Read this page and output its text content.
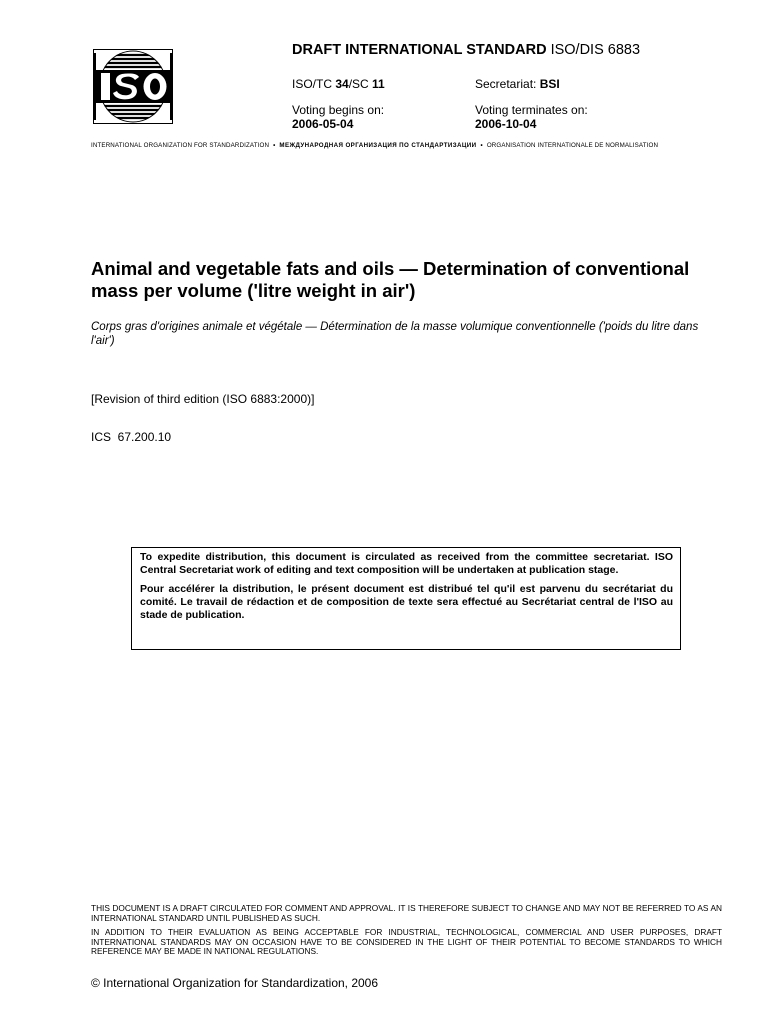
DRAFT INTERNATIONAL STANDARD ISO/DIS 6883
ISO/TC 34/SC 11	Secretariat: BSI
Voting begins on:
2006-05-04
Voting terminates on:
2006-10-04
INTERNATIONAL ORGANIZATION FOR STANDARDIZATION • МЕЖДУНАРОДНАЯ ОРГАНИЗАЦИЯ ПО СТАНДАРТИЗАЦИИ • ORGANISATION INTERNATIONALE DE NORMALISATION
Animal and vegetable fats and oils — Determination of conventional mass per volume ('litre weight in air')
Corps gras d'origines animale et végétale — Détermination de la masse volumique conventionnelle ('poids du litre dans l'air')
[Revision of third edition (ISO 6883:2000)]
ICS  67.200.10

To expedite distribution, this document is circulated as received from the committee secretariat. ISO Central Secretariat work of editing and text composition will be undertaken at publication stage.

Pour accélérer la distribution, le présent document est distribué tel qu'il est parvenu du secrétariat du comité. Le travail de rédaction et de composition de texte sera effectué au Secrétariat central de l'ISO au stade de publication.

THIS DOCUMENT IS A DRAFT CIRCULATED FOR COMMENT AND APPROVAL. IT IS THEREFORE SUBJECT TO CHANGE AND MAY NOT BE REFERRED TO AS AN INTERNATIONAL STANDARD UNTIL PUBLISHED AS SUCH.
IN ADDITION TO THEIR EVALUATION AS BEING ACCEPTABLE FOR INDUSTRIAL, TECHNOLOGICAL, COMMERCIAL AND USER PURPOSES, DRAFT INTERNATIONAL STANDARDS MAY ON OCCASION HAVE TO BE CONSIDERED IN THE LIGHT OF THEIR POTENTIAL TO BECOME STANDARDS TO WHICH REFERENCE MAY BE MADE IN NATIONAL REGULATIONS.
© International Organization for Standardization, 2006
